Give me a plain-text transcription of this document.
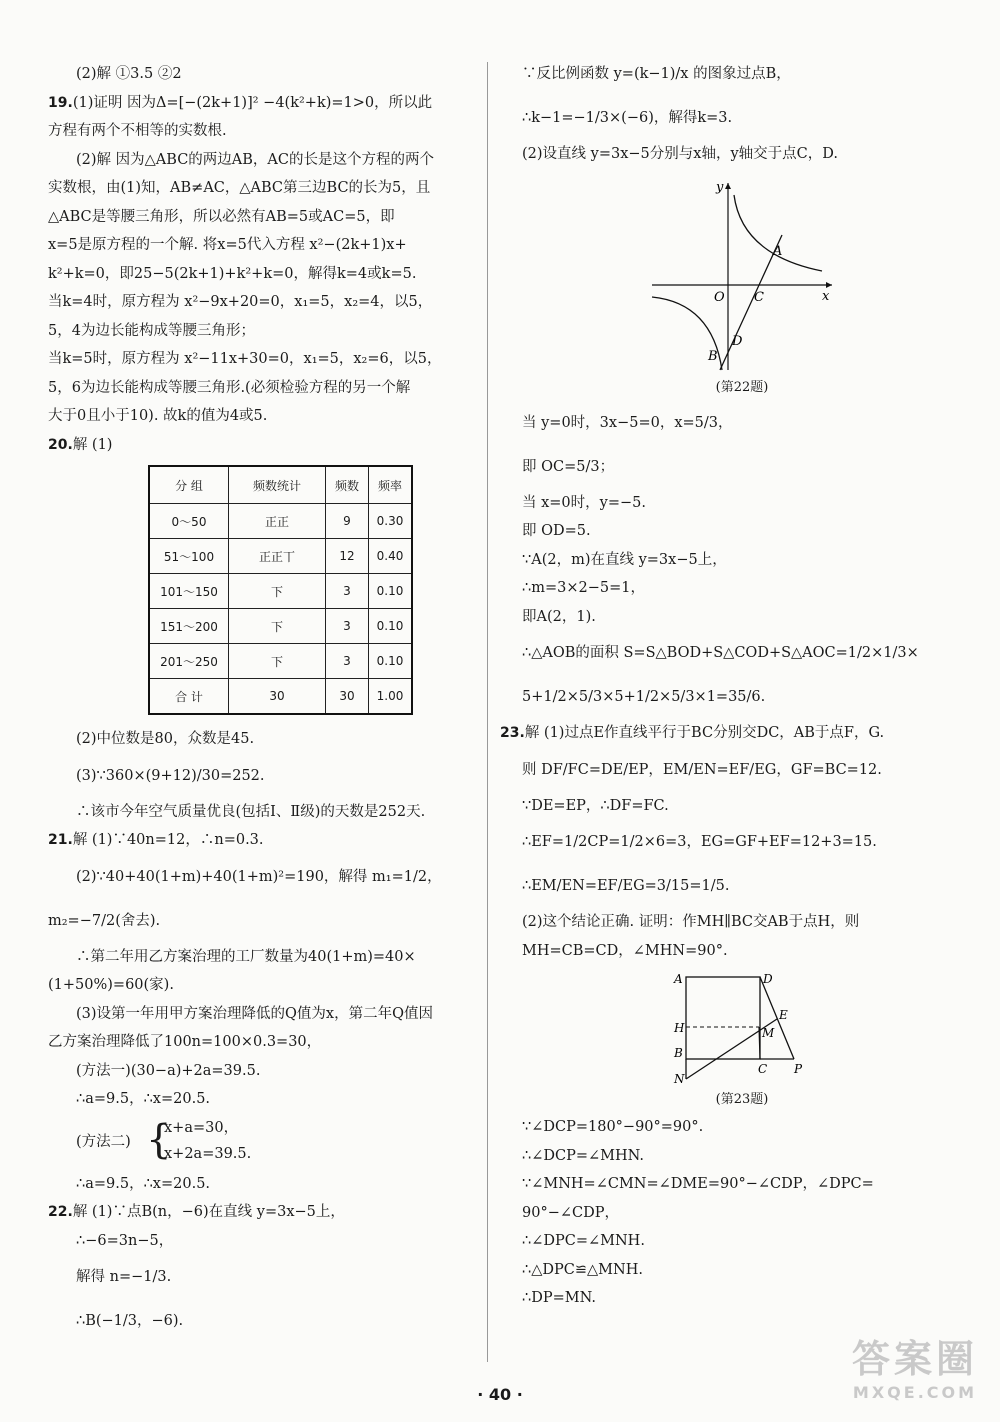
(2)解 ①3.5 ②2
19.(1)证明 因为Δ=[−(2k+1)]² −4(k²+k)=1>0，所以此
方程有两个不相等的实数根.
(2)解 因为△ABC的两边AB，AC的长是这个方程的两个
实数根，由(1)知，AB≠AC，△ABC第三边BC的长为5，且
△ABC是等腰三角形，所以必然有AB=5或AC=5，即
x=5是原方程的一个解. 将x=5代入方程 x²−(2k+1)x+
k²+k=0，即25−5(2k+1)+k²+k=0，解得k=4或k=5.
当k=4时，原方程为 x²−9x+20=0，x₁=5，x₂=4，以5，
5，4为边长能构成等腰三角形；
当k=5时，原方程为 x²−11x+30=0，x₁=5，x₂=6，以5，
5，6为边长能构成等腰三角形.(必须检验方程的另一个解
大于0且小于10). 故k的值为4或5.
20.解 (1)
分 组	频数统计	频数	频率
0～50	正正	9	0.30
51～100	正正丅	12	0.40
101～150	下	3	0.10
151～200	下	3	0.10
201～250	下	3	0.10
合 计	30	30	1.00
(2)中位数是80，众数是45.
(3)∵360×(9+12)/30=252.
∴该市今年空气质量优良(包括Ⅰ、Ⅱ级)的天数是252天.
21.解 (1)∵40n=12，∴n=0.3.
(2)∵40+40(1+m)+40(1+m)²=190，解得 m₁=1/2，
m₂=−7/2(舍去).
∴第二年用乙方案治理的工厂数量为40(1+m)=40×
(1+50%)=60(家).
(3)设第一年用甲方案治理降低的Q值为x，第二年Q值因
乙方案治理降低了100n=100×0.3=30，
(方法一)(30−a)+2a=39.5.
∴a=9.5，∴x=20.5.
(方法二) {
x+a=30，
x+2a=39.5.
∴a=9.5，∴x=20.5.
22.解 (1)∵点B(n，−6)在直线 y=3x−5上，
∴−6=3n−5，
解得 n=−1/3.
∴B(−1/3，−6).
∵反比例函数 y=(k−1)/x 的图象过点B，
∴k−1=−1/3×(−6)，解得k=3.
(2)设直线 y=3x−5分别与x轴，y轴交于点C，D.
y
x
A
O C
B
D
(第22题)
当 y=0时，3x−5=0，x=5/3，
即 OC=5/3；
当 x=0时，y=−5.
即 OD=5.
∵A(2，m)在直线 y=3x−5上，
∴m=3×2−5=1，
即A(2，1).
∴△AOB的面积 S=S△BOD+S△COD+S△AOC=1/2×1/3×
5+1/2×5/3×5+1/2×5/3×1=35/6.
23.解 (1)过点E作直线平行于BC分别交DC，AB于点F，G.
则 DF/FC=DE/EP，EM/EN=EF/EG，GF=BC=12.
∵DE=EP，∴DF=FC.
∴EF=1/2CP=1/2×6=3，EG=GF+EF=12+3=15.
∴EM/EN=EF/EG=3/15=1/5.
(2)这个结论正确. 证明：作MH∥BC交AB于点H，则
MH=CB=CD，∠MHN=90°.
A	D
H
E
M
B
C P
N
(第23题)
∵∠DCP=180°−90°=90°.
∴∠DCP=∠MHN.
∵∠MNH=∠CMN=∠DME=90°−∠CDP，∠DPC=
90°−∠CDP，
∴∠DPC=∠MNH.
∴△DPC≌△MNH.
∴DP=MN.
· 40 ·
答案圈
MXQE.COM
